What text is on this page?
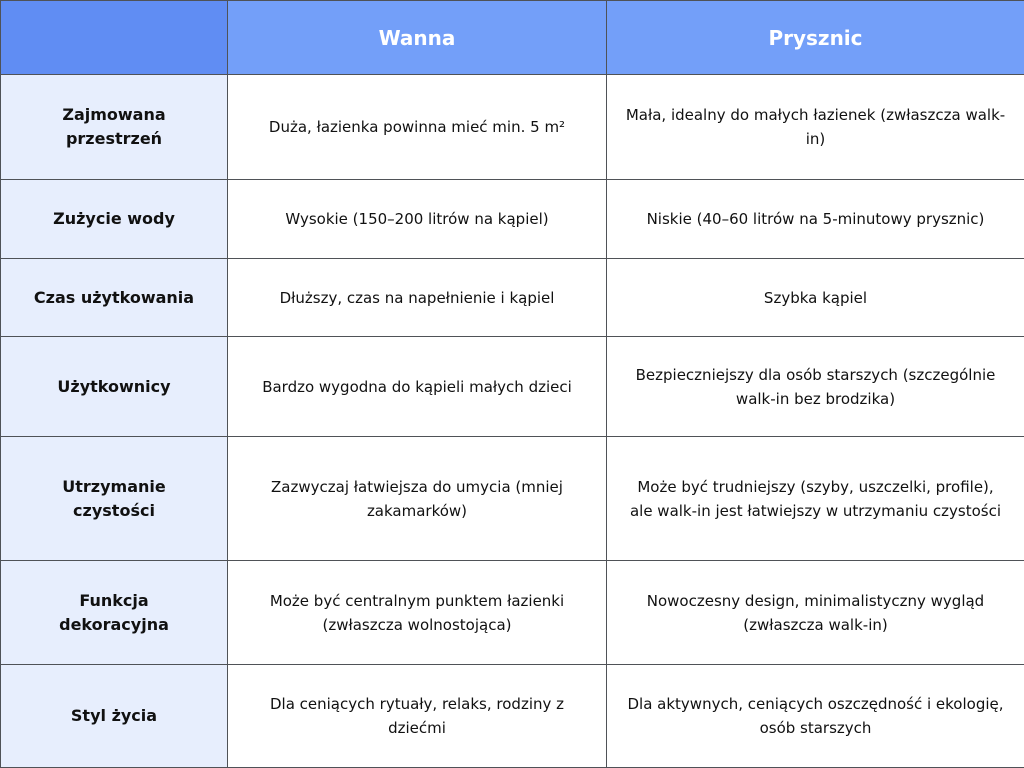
	Wanna	Prysznic
Zajmowana przestrzeń	Duża, łazienka powinna mieć min. 5 m²	Mała, idealny do małych łazienek (zwłaszcza walk-in)
Zużycie wody	Wysokie (150–200 litrów na kąpiel)	Niskie (40–60 litrów na 5-minutowy prysznic)
Czas użytkowania	Dłuższy, czas na napełnienie i kąpiel	Szybka kąpiel
Użytkownicy	Bardzo wygodna do kąpieli małych dzieci	Bezpieczniejszy dla osób starszych (szczególnie walk-in bez brodzika)
Utrzymanie czystości	Zazwyczaj łatwiejsza do umycia (mniej zakamarków)	Może być trudniejszy (szyby, uszczelki, profile), ale walk-in jest łatwiejszy w utrzymaniu czystości
Funkcja dekoracyjna	Może być centralnym punktem łazienki (zwłaszcza wolnostojąca)	Nowoczesny design, minimalistyczny wygląd (zwłaszcza walk-in)
Styl życia	Dla ceniących rytuały, relaks, rodziny z dziećmi	Dla aktywnych, ceniących oszczędność i ekologię, osób starszych
